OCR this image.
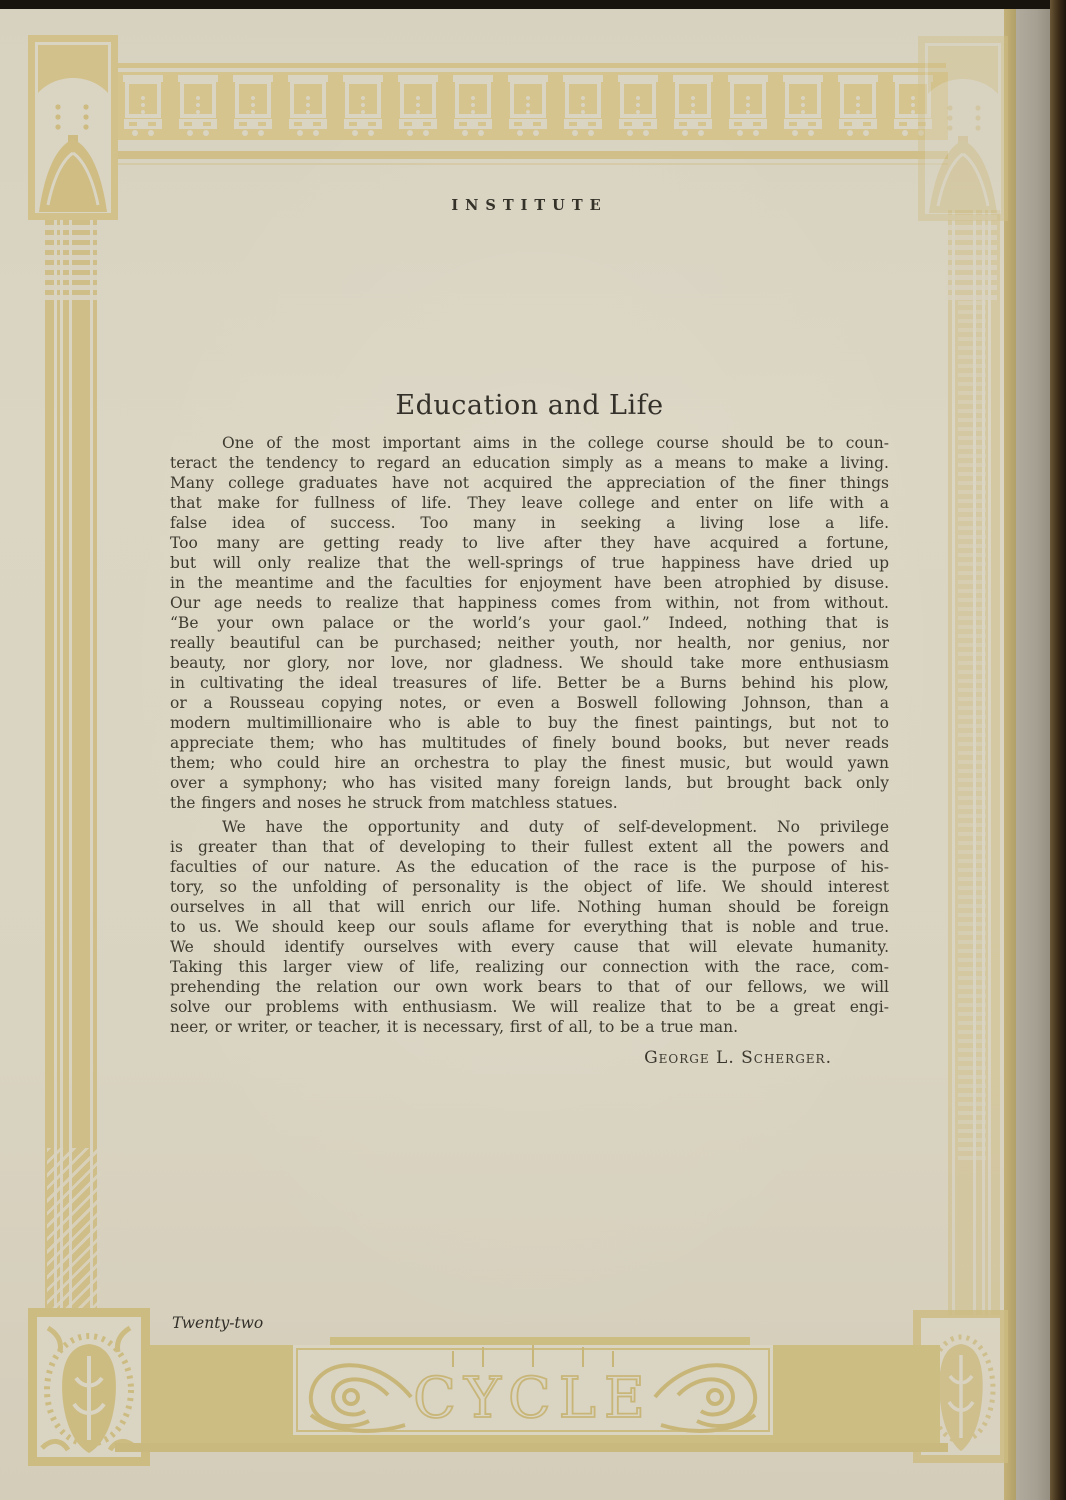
CYCLE
INSTITUTE
Education and Life
One of the most important aims in the college course should be to coun-
teract the tendency to regard an education simply as a means to make a living.
Many college graduates have not acquired the appreciation of the finer things
that make for fullness of life. They leave college and enter on life with a
false idea of success. Too many in seeking a living lose a life.
Too many are getting ready to live after they have acquired a fortune,
but will only realize that the well-springs of true happiness have dried up
in the meantime and the faculties for enjoyment have been atrophied by disuse.
Our age needs to realize that happiness comes from within, not from without.
“Be your own palace or the world’s your gaol.” Indeed, nothing that is
really beautiful can be purchased; neither youth, nor health, nor genius, nor
beauty, nor glory, nor love, nor gladness. We should take more enthusiasm
in cultivating the ideal treasures of life. Better be a Burns behind his plow,
or a Rousseau copying notes, or even a Boswell following Johnson, than a
modern multimillionaire who is able to buy the finest paintings, but not to
appreciate them; who has multitudes of finely bound books, but never reads
them; who could hire an orchestra to play the finest music, but would yawn
over a symphony; who has visited many foreign lands, but brought back only
the fingers and noses he struck from matchless statues.
We have the opportunity and duty of self-development. No privilege
is greater than that of developing to their fullest extent all the powers and
faculties of our nature. As the education of the race is the purpose of his-
tory, so the unfolding of personality is the object of life. We should interest
ourselves in all that will enrich our life. Nothing human should be foreign
to us. We should keep our souls aflame for everything that is noble and true.
We should identify ourselves with every cause that will elevate humanity.
Taking this larger view of life, realizing our connection with the race, com-
prehending the relation our own work bears to that of our fellows, we will
solve our problems with enthusiasm. We will realize that to be a great engi-
neer, or writer, or teacher, it is necessary, first of all, to be a true man.
George L. Scherger.
Twenty-two
